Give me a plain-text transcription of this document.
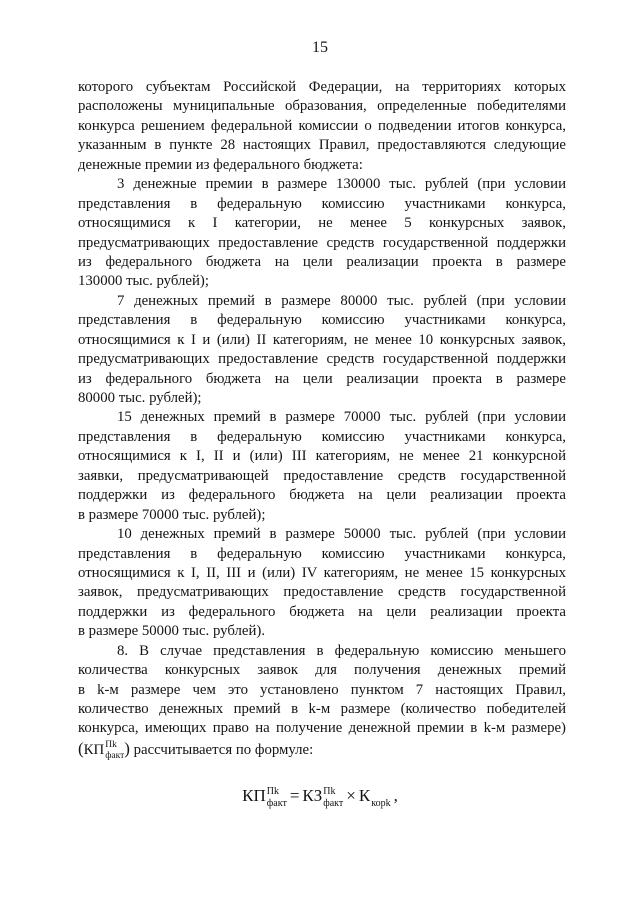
15
которого субъектам Российской Федерации, на территориях которых
расположены муниципальные образования, определенные победителями
конкурса решением федеральной комиссии о подведении итогов конкурса,
указанным в пункте 28 настоящих Правил, предоставляются следующие
денежные премии из федерального бюджета:
3 денежные премии в размере 130000 тыс. рублей (при условии
представления в федеральную комиссию участниками конкурса,
относящимися к I категории, не менее 5 конкурсных заявок,
предусматривающих предоставление средств государственной поддержки
из федерального бюджета на цели реализации проекта в размере
130000 тыс. рублей);
7 денежных премий в размере 80000 тыс. рублей (при условии
представления в федеральную комиссию участниками конкурса,
относящимися к I и (или) II категориям, не менее 10 конкурсных заявок,
предусматривающих предоставление средств государственной поддержки
из федерального бюджета на цели реализации проекта в размере
80000 тыс. рублей);
15 денежных премий в размере 70000 тыс. рублей (при условии
представления в федеральную комиссию участниками конкурса,
относящимися к I, II и (или) III категориям, не менее 21 конкурсной
заявки, предусматривающей предоставление средств государственной
поддержки из федерального бюджета на цели реализации проекта
в размере 70000 тыс. рублей);
10 денежных премий в размере 50000 тыс. рублей (при условии
представления в федеральную комиссию участниками конкурса,
относящимися к I, II, III и (или) IV категориям, не менее 15 конкурсных
заявок, предусматривающих предоставление средств государственной
поддержки из федерального бюджета на цели реализации проекта
в размере 50000 тыс. рублей).
8. В случае представления в федеральную комиссию меньшего
количества конкурсных заявок для получения денежных премий
в k-м размере чем это установлено пунктом 7 настоящих Правил,
количество денежных премий в k-м размере (количество победителей
конкурса, имеющих право на получение денежной премии в k-м размере)
(КП Пk
факт ) рассчитывается по формуле:
КП Пk
факт = КЗ Пk
факт × К
корk ,
